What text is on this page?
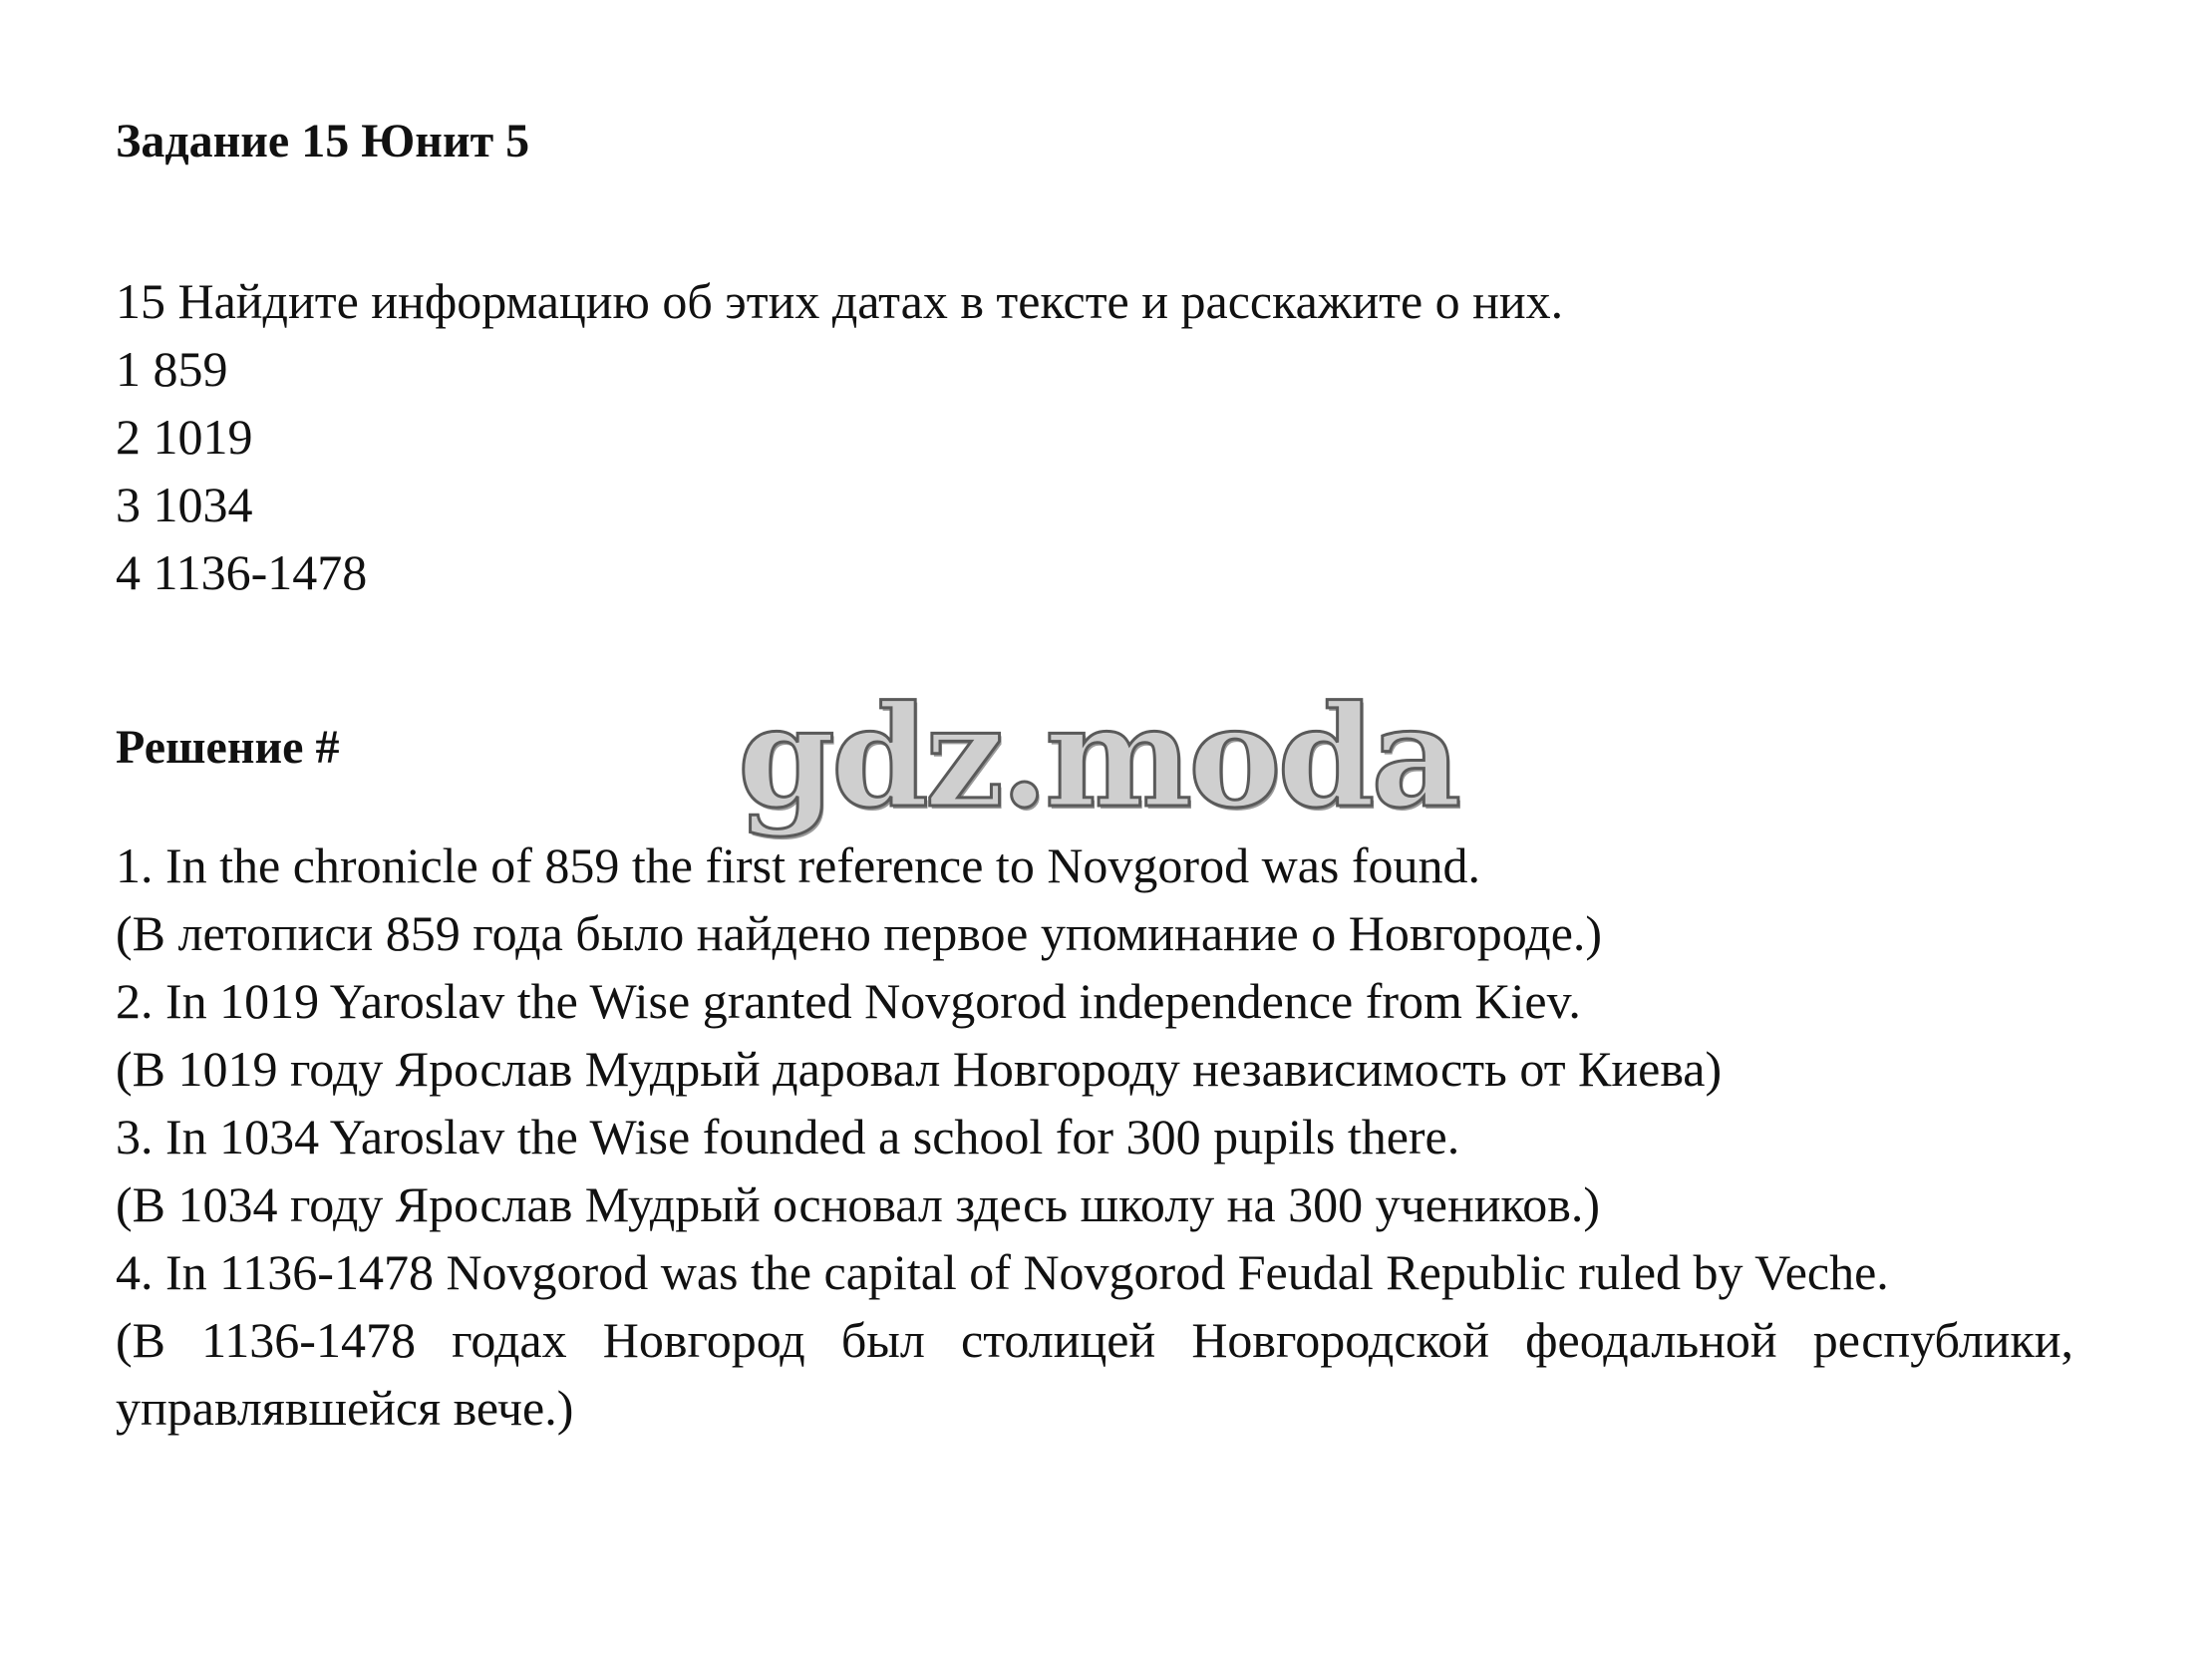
Задание 15 Юнит 5
15 Найдите информацию об этих датах в тексте и расскажите о них.
1 859
2 1019
3 1034
4 1136-1478
Решение #	gdz.moda
1. In the chronicle of 859 the first reference to Novgorod was found.
(В летописи 859 года было найдено первое упоминание о Новгороде.)
2. In 1019 Yaroslav the Wise granted Novgorod independence from Kiev.
(В 1019 году Ярослав Мудрый даровал Новгороду независимость от Киева)
3. In 1034 Yaroslav the Wise founded a school for 300 pupils there.
(В 1034 году Ярослав Мудрый основал здесь школу на 300 учеников.)
4. In 1136-1478 Novgorod was the capital of Novgorod Feudal Republic ruled by Veche.
(В 1136-1478 годах Новгород был столицей Новгородской феодальной республики, управлявшейся вече.)
